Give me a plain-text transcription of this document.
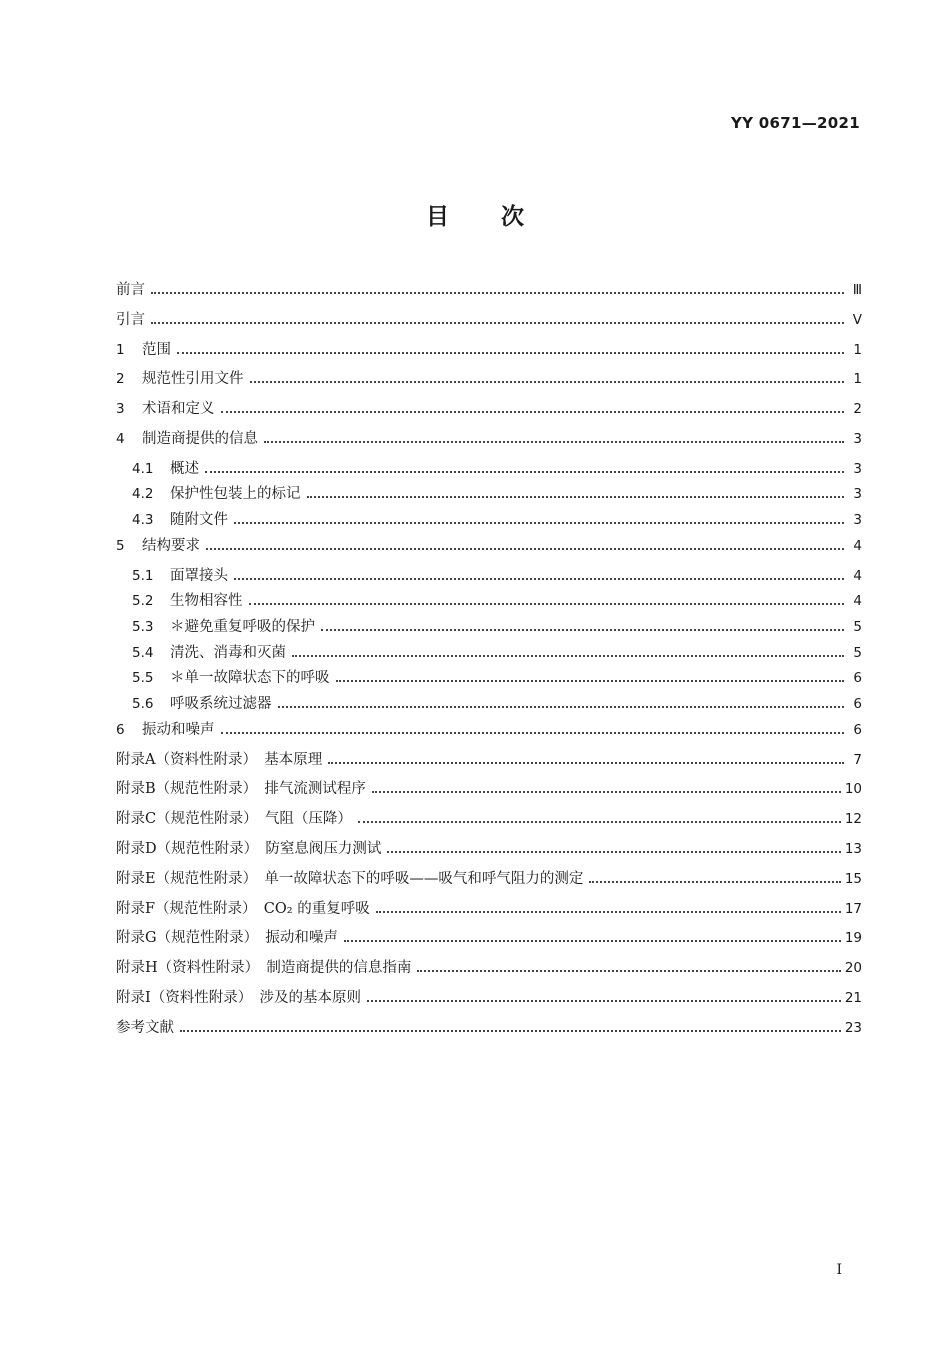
YY 0671—2021
目次
前言	Ⅲ
引言	Ⅴ
1	范围	1
2	规范性引用文件	1
3	术语和定义	2
4	制造商提供的信息	3
4.1	概述	3
4.2	保护性包装上的标记	3
4.3	随附文件	3
5	结构要求	4
5.1	面罩接头	4
5.2	生物相容性	4
5.3	＊避免重复呼吸的保护	5
5.4	清洗、消毒和灭菌	5
5.5	＊单一故障状态下的呼吸	6
5.6	呼吸系统过滤器	6
6	振动和噪声	6
附录A（资料性附录）　基本原理	7
附录B（规范性附录）　排气流测试程序	10
附录C（规范性附录）　气阻（压降）	12
附录D（规范性附录）　防窒息阀压力测试	13
附录E（规范性附录）　单一故障状态下的呼吸——吸气和呼气阻力的测定	15
附录F（规范性附录）　CO₂ 的重复呼吸	17
附录G（规范性附录）　振动和噪声	19
附录H（资料性附录）　制造商提供的信息指南	20
附录I（资料性附录）　涉及的基本原则	21
参考文献	23
I
